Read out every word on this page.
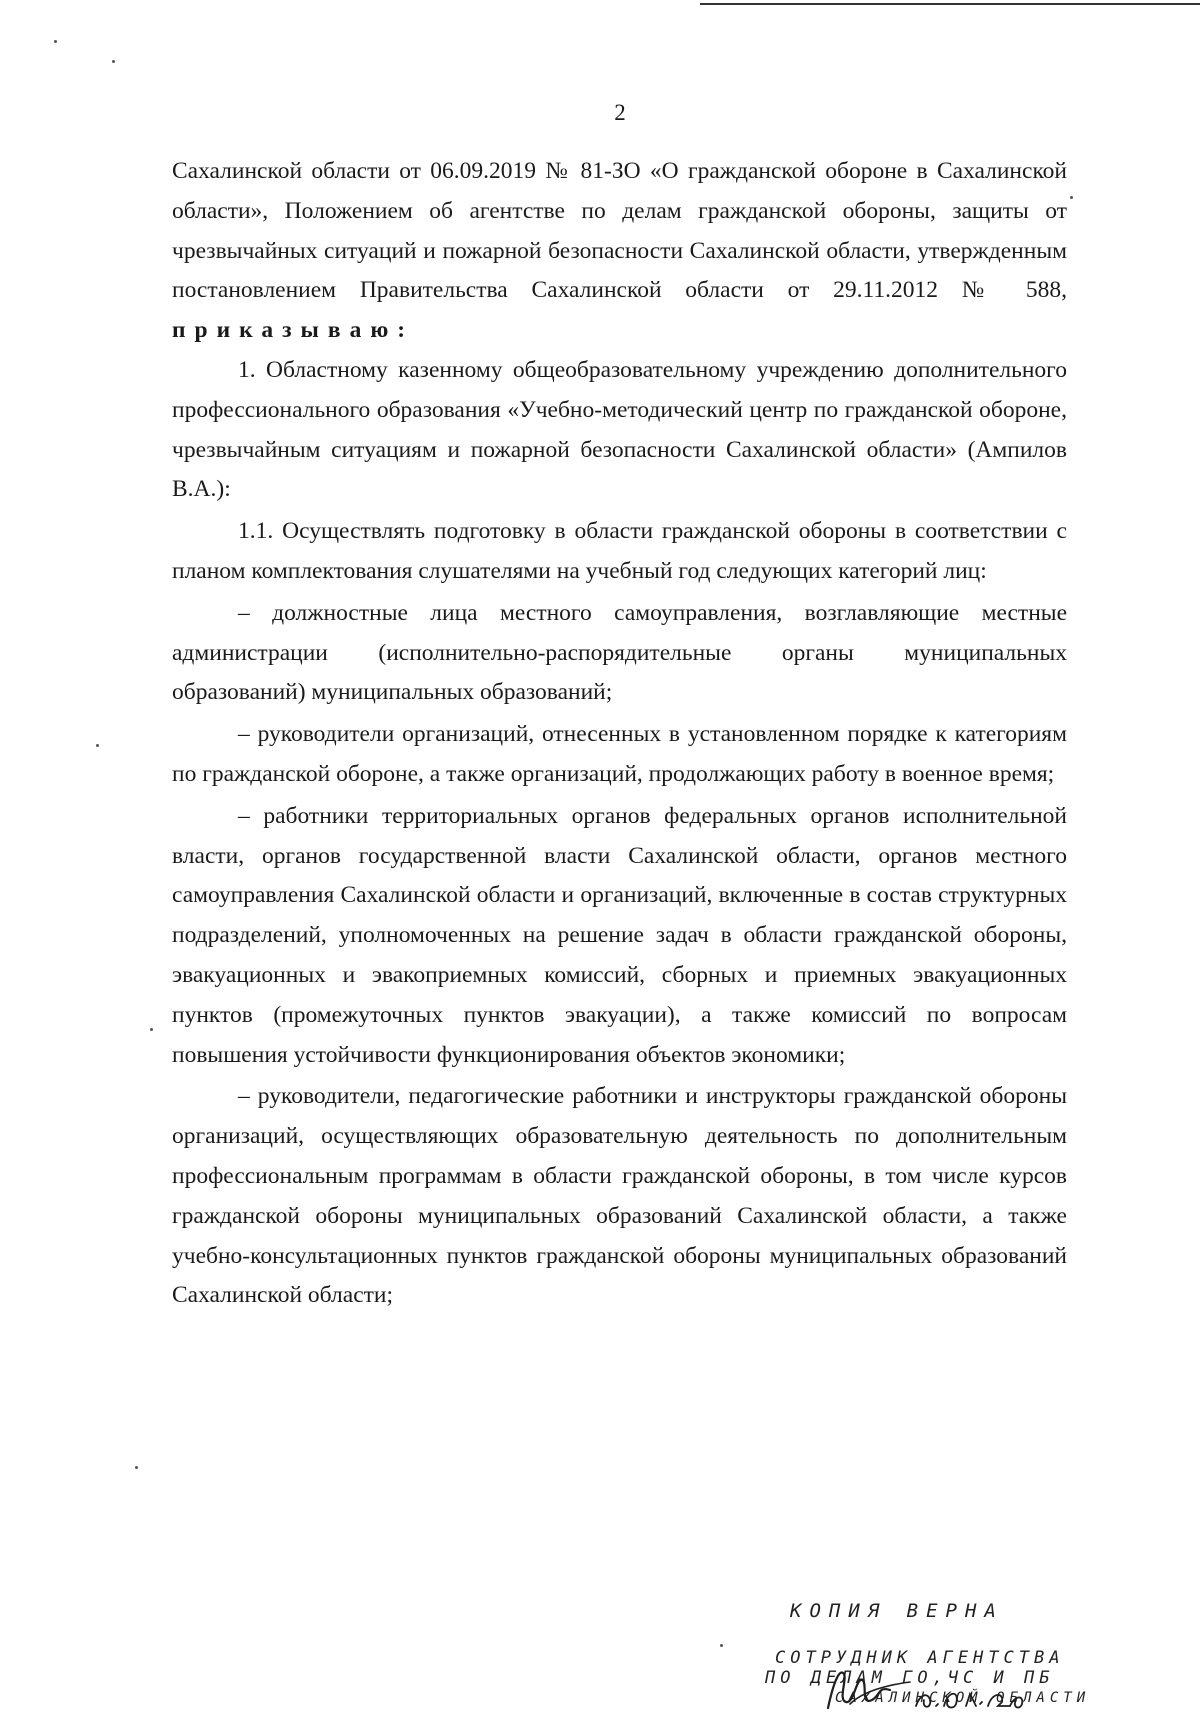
2

Сахалинской области от 06.09.2019 № 81-ЗО «О гражданской обороне в Сахалинской области», Положением об агентстве по делам гражданской обороны, защиты от чрезвычайных ситуаций и пожарной безопасности Сахалинской области, утвержденным постановлением Правительства Сахалинской области от 29.11.2012 № 588, приказываю:

1. Областному казенному общеобразовательному учреждению дополнительного профессионального образования «Учебно-методический центр по гражданской обороне, чрезвычайным ситуациям и пожарной безопасности Сахалинской области» (Ампилов В.А.):

1.1. Осуществлять подготовку в области гражданской обороны в соответствии с планом комплектования слушателями на учебный год следующих категорий лиц:

– должностные лица местного самоуправления, возглавляющие местные администрации (исполнительно-распорядительные органы муниципальных образований) муниципальных образований;

– руководители организаций, отнесенных в установленном порядке к категориям по гражданской обороне, а также организаций, продолжающих работу в военное время;

– работники территориальных органов федеральных органов исполнительной власти, органов государственной власти Сахалинской области, органов местного самоуправления Сахалинской области и организаций, включенные в состав структурных подразделений, уполномоченных на решение задач в области гражданской обороны, эвакуационных и эвакоприемных комиссий, сборных и приемных эвакуационных пунктов (промежуточных пунктов эвакуации), а также комиссий по вопросам повышения устойчивости функционирования объектов экономики;

– руководители, педагогические работники и инструкторы гражданской обороны организаций, осуществляющих образовательную деятельность по дополнительным профессиональным программам в области гражданской обороны, в том числе курсов гражданской обороны муниципальных образований Сахалинской области, а также учебно-консультационных пунктов гражданской обороны муниципальных образований Сахалинской области;

КОПИЯ ВЕРНА
СОТРУДНИК АГЕНТСТВА
ПО ДЕЛАМ ГО,ЧС И ПБ
САХАЛИНСКОЙ ОБЛАСТИ
